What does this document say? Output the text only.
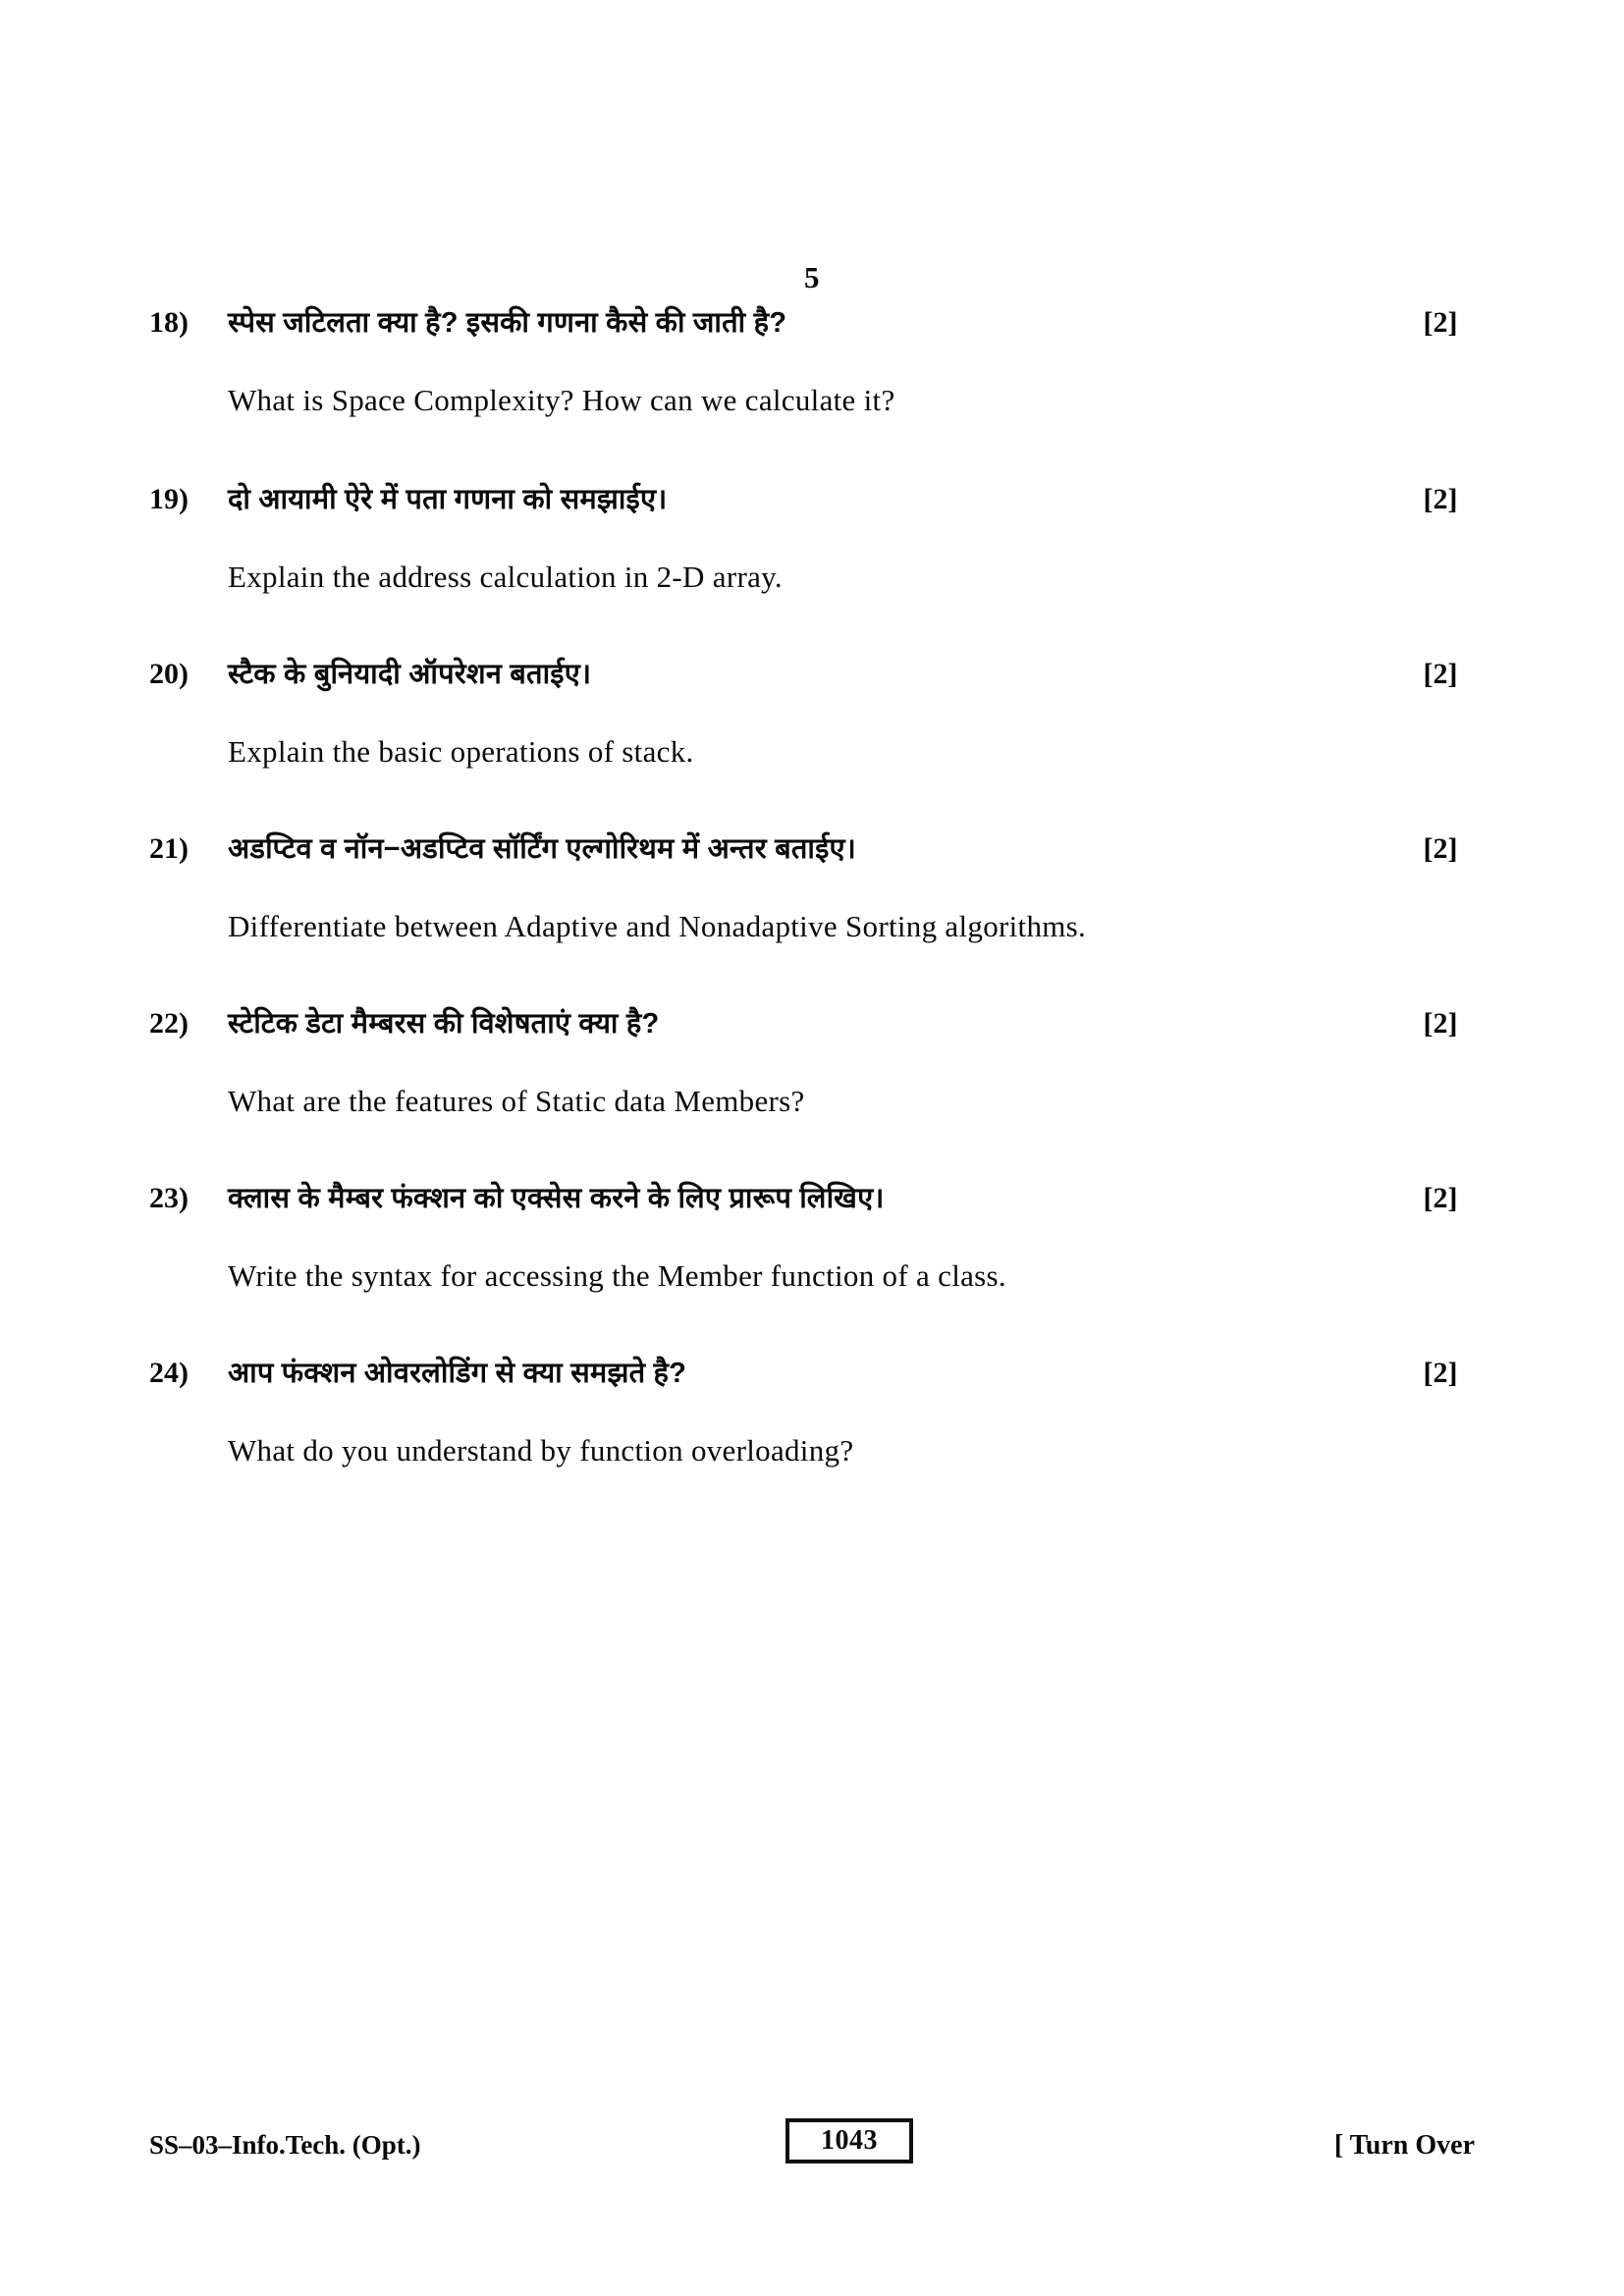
5
18)	स्पेस जटिलता क्या है? इसकी गणना कैसे की जाती है?	[2]
What is Space Complexity? How can we calculate it?
19)	दो आयामी ऐरे में पता गणना को समझाईए।	[2]
Explain the address calculation in 2-D array.
20)	स्टैक के बुनियादी ऑपरेशन बताईए।	[2]
Explain the basic operations of stack.
21)	अडप्टिव व नॉन−अडप्टिव सॉर्टिंग एल्गोरिथम में अन्तर बताईए।	[2]
Differentiate between Adaptive and Nonadaptive Sorting algorithms.
22)	स्टेटिक डेटा मैम्बरस की विशेषताएं क्या है?	[2]
What are the features of Static data Members?
23)	क्लास के मैम्बर फंक्शन को एक्सेस करने के लिए प्रारूप लिखिए।	[2]
Write the syntax for accessing the Member function of a class.
24)	आप फंक्शन ओवरलोडिंग से क्या समझते है?	[2]
What do you understand by function overloading?
SS–03–Info.Tech. (Opt.)	1043	[ Turn Over
